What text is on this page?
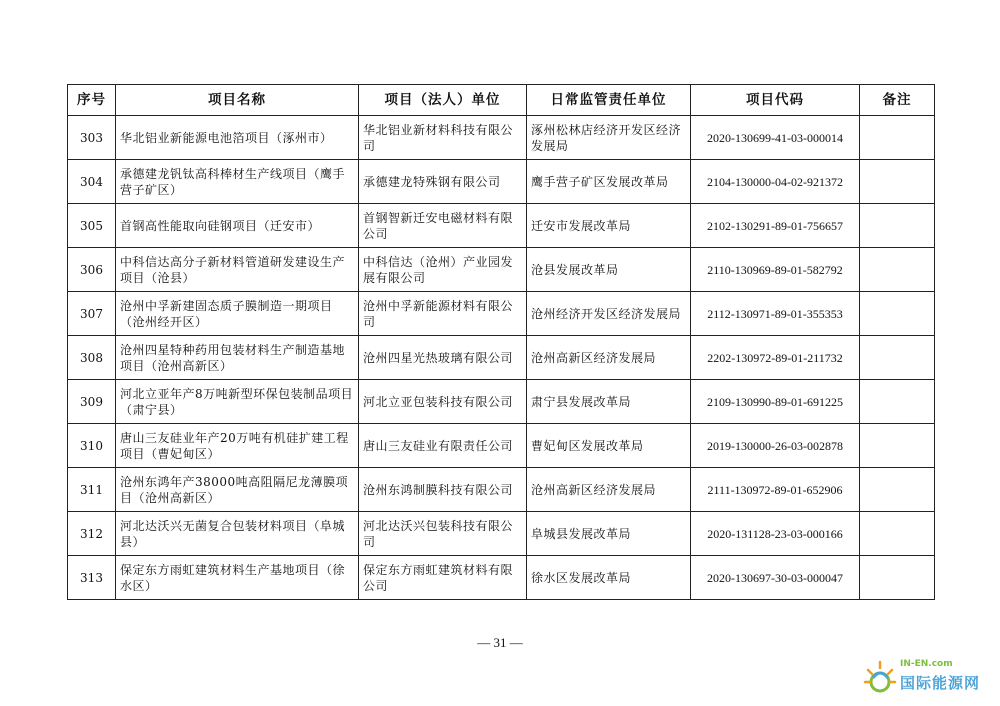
序号	项目名称	项目（法人）单位	日常监管责任单位	项目代码	备注
303	华北铝业新能源电池箔项目（涿州市）	华北铝业新材料科技有限公司	涿州松林店经济开发区经济发展局	2020-130699-41-03-000014	
304	承德建龙钒钛高科棒材生产线项目（鹰手营子矿区）	承德建龙特殊钢有限公司	鹰手营子矿区发展改革局	2104-130000-04-02-921372	
305	首钢高性能取向硅钢项目（迁安市）	首钢智新迁安电磁材料有限公司	迁安市发展改革局	2102-130291-89-01-756657	
306	中科信达高分子新材料管道研发建设生产项目（沧县）	中科信达（沧州）产业园发展有限公司	沧县发展改革局	2110-130969-89-01-582792	
307	沧州中孚新建固态质子膜制造一期项目（沧州经开区）	沧州中孚新能源材料有限公司	沧州经济开发区经济发展局	2112-130971-89-01-355353	
308	沧州四星特种药用包装材料生产制造基地项目（沧州高新区）	沧州四星光热玻璃有限公司	沧州高新区经济发展局	2202-130972-89-01-211732	
309	河北立亚年产8万吨新型环保包装制品项目（肃宁县）	河北立亚包装科技有限公司	肃宁县发展改革局	2109-130990-89-01-691225	
310	唐山三友硅业年产20万吨有机硅扩建工程项目（曹妃甸区）	唐山三友硅业有限责任公司	曹妃甸区发展改革局	2019-130000-26-03-002878	
311	沧州东鸿年产38000吨高阻隔尼龙薄膜项目（沧州高新区）	沧州东鸿制膜科技有限公司	沧州高新区经济发展局	2111-130972-89-01-652906	
312	河北达沃兴无菌复合包装材料项目（阜城县）	河北达沃兴包装科技有限公司	阜城县发展改革局	2020-131128-23-03-000166	
313	保定东方雨虹建筑材料生产基地项目（徐水区）	保定东方雨虹建筑材料有限公司	徐水区发展改革局	2020-130697-30-03-000047	
— 31 —
IN-EN.com
国际能源网
